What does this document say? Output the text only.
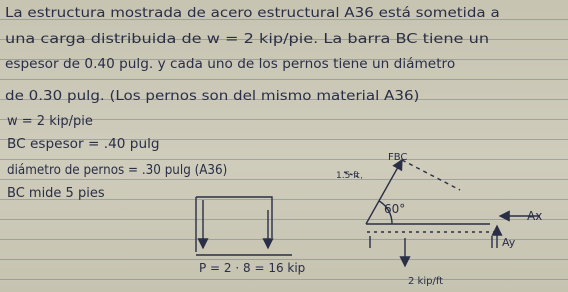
La estructura mostrada de acero estructural A36 está sometida a

una carga distribuida de w = 2 kip/pie. La barra BC tiene un

espesor de 0.40 pulg. y cada uno de los pernos tiene un diámetro

de 0.30 pulg. (Los pernos son del mismo material A36)

w = 2 kip/pie

BC espesor = .40 pulg

diámetro de pernos = .30 pulg (A36)

BC mide 5 pies

P = 2 · 8 = 16 kip
FBC
60°	Ax
Ay
2 kip/ft
1.5 ft
